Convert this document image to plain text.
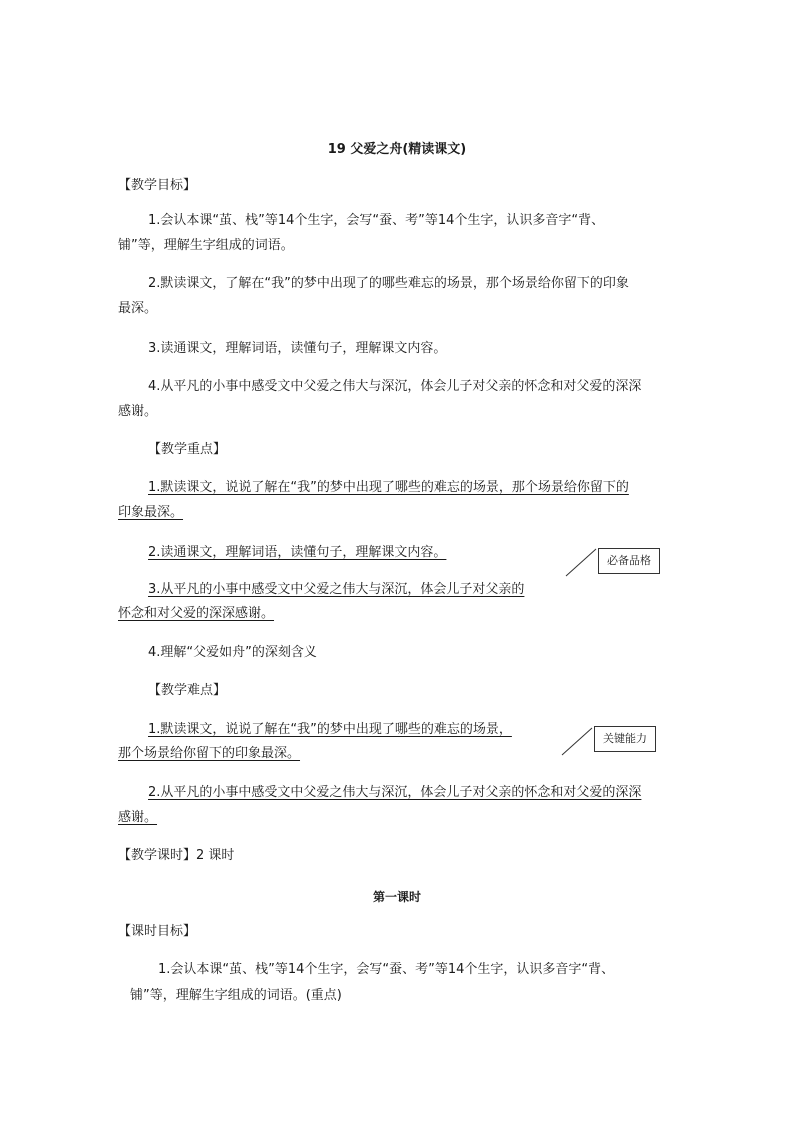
19 父爱之舟(精读课文)
【教学目标】
1.会认本课“茧、栈”等14个生字，会写“蚕、考”等14个生字，认识多音字“背、
铺”等，理解生字组成的词语。
2.默读课文，了解在“我”的梦中出现了的哪些难忘的场景，那个场景给你留下的印象
最深。
3.读通课文，理解词语，读懂句子，理解课文内容。
4.从平凡的小事中感受文中父爱之伟大与深沉，体会儿子对父亲的怀念和对父爱的深深
感谢。
【教学重点】
1.默读课文，说说了解在“我”的梦中出现了哪些的难忘的场景，那个场景给你留下的
印象最深。
2.读通课文，理解词语，读懂句子，理解课文内容。
3.从平凡的小事中感受文中父爱之伟大与深沉，体会儿子对父亲的
怀念和对父爱的深深感谢。
4.理解“父爱如舟”的深刻含义
必备品格
【教学难点】
1.默读课文，说说了解在“我”的梦中出现了哪些的难忘的场景，
那个场景给你留下的印象最深。
2.从平凡的小事中感受文中父爱之伟大与深沉，体会儿子对父亲的怀念和对父爱的深深
感谢。
关键能力
【教学课时】2 课时
第一课时
【课时目标】
1.会认本课“茧、栈”等14个生字，会写“蚕、考”等14个生字，认识多音字“背、
铺”等，理解生字组成的词语。(重点)
